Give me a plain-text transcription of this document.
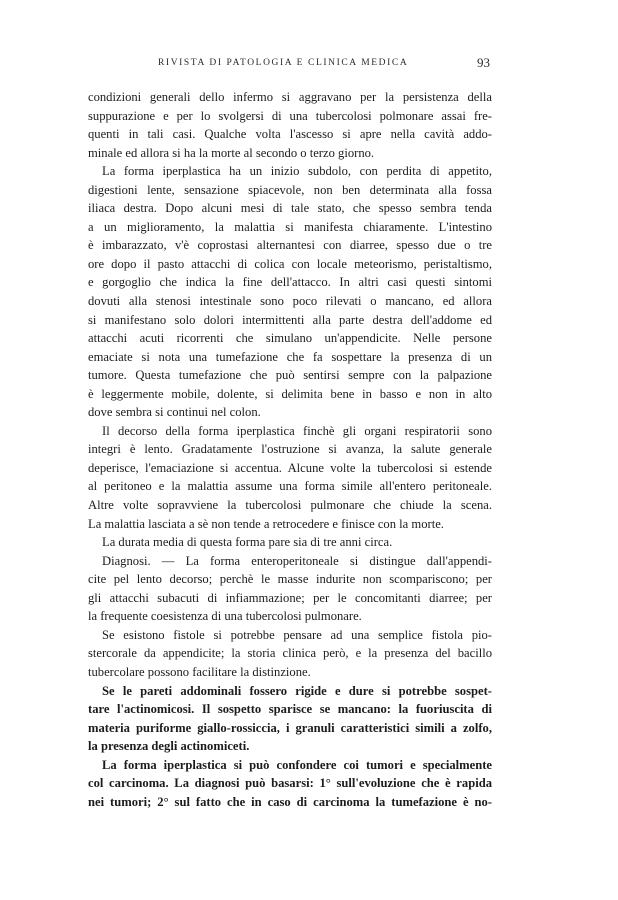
RIVISTA DI PATOLOGIA E CLINICA MEDICA	93
condizioni generali dello infermo si aggravano per la persistenza della
suppurazione e per lo svolgersi di una tubercolosi polmonare assai fre-
quenti in tali casi. Qualche volta l'ascesso si apre nella cavità addo-
minale ed allora si ha la morte al secondo o terzo giorno.
La forma iperplastica ha un inizio subdolo, con perdita di appetito,
digestioni lente, sensazione spiacevole, non ben determinata alla fossa
iliaca destra. Dopo alcuni mesi di tale stato, che spesso sembra tenda
a un miglioramento, la malattia si manifesta chiaramente. L'intestino
è imbarazzato, v'è coprostasi alternantesi con diarree, spesso due o tre
ore dopo il pasto attacchi di colica con locale meteorismo, peristaltismo,
e gorgoglio che indica la fine dell'attacco. In altri casi questi sintomi
dovuti alla stenosi intestinale sono poco rilevati o mancano, ed allora
si manifestano solo dolori intermittenti alla parte destra dell'addome ed
attacchi acuti ricorrenti che simulano un'appendicite. Nelle persone
emaciate si nota una tumefazione che fa sospettare la presenza di un
tumore. Questa tumefazione che può sentirsi sempre con la palpazione
è leggermente mobile, dolente, si delimita bene in basso e non in alto
dove sembra si continui nel colon.
Il decorso della forma iperplastica finchè gli organi respiratorii sono
integri è lento. Gradatamente l'ostruzione si avanza, la salute generale
deperisce, l'emaciazione si accentua. Alcune volte la tubercolosi si estende
al peritoneo e la malattia assume una forma simile all'entero peritoneale.
Altre volte sopravviene la tubercolosi pulmonare che chiude la scena.
La malattia lasciata a sè non tende a retrocedere e finisce con la morte.
La durata media di questa forma pare sia di tre anni circa.
Diagnosi. — La forma enteroperitoneale si distingue dall'appendi-
cite pel lento decorso; perchè le masse indurite non scompariscono; per
gli attacchi subacuti di infiammazione; per le concomitanti diarree; per
la frequente coesistenza di una tubercolosi pulmonare.
Se esistono fistole si potrebbe pensare ad una semplice fistola pio-
stercorale da appendicite; la storia clinica però, e la presenza del bacillo
tubercolare possono facilitare la distinzione.
Se le pareti addominali fossero rigide e dure si potrebbe sospet-
tare l'actinomicosi. Il sospetto sparisce se mancano: la fuoriuscita di
materia puriforme giallo-rossiccia, i granuli caratteristici simili a zolfo,
la presenza degli actinomiceti.
La forma iperplastica si può confondere coi tumori e specialmente
col carcinoma. La diagnosi può basarsi: 1° sull'evoluzione che è rapida
nei tumori; 2° sul fatto che in caso di carcinoma la tumefazione è no-
